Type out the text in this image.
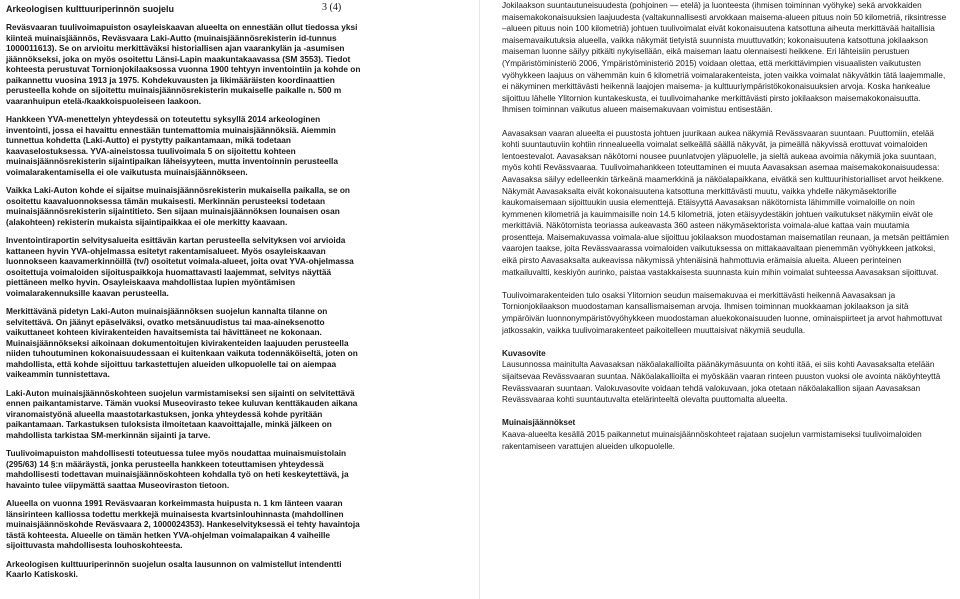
3 (4)
Arkeologisen kulttuuriperinnön suojelu

Reväsvaaran tuulivoimapuiston osayleiskaavan alueelta on ennestään ollut tiedossa yksi kiinteä muinaisjäännös, Reväsvaara Laki-Autto (muinaisjäännösrekisterin id-tunnus 1000011613). Se on arvioitu merkittäväksi historiallisen ajan vaarankylän ja -asumisen jäännökseksi, joka on myös osoitettu Länsi-Lapin maakuntakaavassa (SM 3553). Tiedot kohteesta perustuvat Tornionjokilaaksossa vuonna 1900 tehtyyn inventointiin ja kohde on paikannettu vuosina 1913 ja 1975. Kohdekuvausten ja likimääräisten koordinaattien perusteella kohde on sijoitettu muinaisjäännösrekisterin mukaiselle paikalle n. 500 m vaaranhuipun etelä-/kaakkoispuoleiseen laakoon.

Hankkeen YVA-menettelyn yhteydessä on toteutettu syksyllä 2014 arkeologinen inventointi, jossa ei havaittu ennestään tuntemattomia muinaisjäännöksiä. Aiemmin tunnettua kohdetta (Laki-Autto) ei pystytty paikantamaan, mikä todetaan kaavaselostuksessa. YVA-aineistossa tuulivoimala 5 on sijoitettu kohteen muinaisjäännösrekisterin sijaintipaikan läheisyyteen, mutta inventoinnin perusteella voimalarakentamisella ei ole vaikutusta muinaisjäännökseen.

Vaikka Laki-Auton kohde ei sijaitse muinaisjäännösrekisterin mukaisella paikalla, se on osoitettu kaavaluonnoksessa tämän mukaisesti. Merkinnän perusteeksi todetaan muinaisjäännösrekisterin sijaintitieto. Sen sijaan muinaisjäännöksen lounaisen osan (alakohteen) rekisterin mukaista sijaintipaikkaa ei ole merkitty kaavaan.

Inventointiraportin selvitysalueita esittävän kartan perusteella selvityksen voi arvioida kattaneen hyvin YVA-ohjelmassa esitetyt rakentamisalueet. Myös osayleiskaavan luonnokseen kaavamerkinnöillä (tv/) osoitetut voimala-alueet, joita ovat YVA-ohjelmassa osoitettuja voimaloiden sijoituspaikkoja huomattavasti laajemmat, selvitys näyttää piettäneen melko hyvin. Osayleiskaava mahdollistaa lupien myöntämisen voimalarakennuksille kaavan perusteella.

Merkittävänä pidetyn Laki-Auton muinaisjäännöksen suojelun kannalta tilanne on selvitettävä. On jäänyt epäselväksi, ovatko metsänuudistus tai maa-aineksenotto vaikuttaneet kohteen kivirakenteiden havaitsemista tai hävittäneet ne kokonaan. Muinaisjäännökseksi aikoinaan dokumentoitujen kivirakenteiden laajuuden perusteella niiden tuhoutuminen kokonaisuudessaan ei kuitenkaan vaikuta todennäköiseltä, joten on mahdollista, että kohde sijoittuu tarkastettujen alueiden ulkopuolelle tai on aiempaa vaikeammin tunnistettava.

Laki-Auton muinaisjäännöskohteen suojelun varmistamiseksi sen sijainti on selvitettävä ennen paikantamistarve. Tämän vuoksi Museovirasto tekee kuluvan kenttäkauden aikana viranomaistyönä alueella maastotarkastuksen, jonka yhteydessä kohde pyritään paikantamaan. Tarkastuksen tuloksista ilmoitetaan kaavoittajalle, minkä jälkeen on mahdollista tarkistaa SM-merkinnän sijainti ja tarve.

Tuulivoimapuiston mahdollisesti toteutuessa tulee myös noudattaa muinaismuistolain (295/63) 14 §:n määräystä, jonka perusteella hankkeen toteuttamisen yhteydessä mahdollisesti todettavan muinaisjäännöskohteen kohdalla työ on heti keskeytettävä, ja havainto tulee viipymättä saattaa Museoviraston tietoon.

Alueella on vuonna 1991 Reväsvaaran korkeimmasta huipusta n. 1 km länteen vaaran länsirinteen kalliossa todettu merkkejä muinaisesta kvartsinlouhinnasta (mahdollinen muinaisjäännöskohde Reväsvaara 2, 1000024353). Hankeselvityksessä ei tehty havaintoja tästä kohteesta. Alueelle on tämän hetken YVA-ohjelman voimalapaikan 4 vaiheille sijoittuvasta mahdollisesta louhoskohteesta.

Arkeologisen kulttuuriperinnön suojelun osalta lausunnon on valmistellut intendentti Kaarlo Katiskoski.

Jokilaakson suuntautuneisuudesta (pohjoinen — etelä) ja luonteesta (ihmisen toiminnan vyöhyke) sekä arvokkaiden maisemakokonaisuuksien laajuudesta (valtakunnallisesti arvokkaan maisema-alueen pituus noin 50 kilometriä, riksintresse –alueen pituus noin 100 kilometriä) johtuen tuulivoimalat eivät kokonaisuutena katsottuna aiheuta merkittävää haitallisia maisemavaikutuksia alueella, vaikka näkymät tietyistä suunnista muuttuvatkin; kokonaisuutena katsottuna jokilaakson maiseman luonne säilyy pitkälti nykyisellään, eikä maiseman laatu olennaisesti heikkene. Eri lähteisiin perustuen (Ympäristöministeriö 2006, Ympäristöministeriö 2015) voidaan olettaa, että merkittävimpien visuaalisten vaikutusten vyöhykkeen laajuus on vähemmän kuin 6 kilometriä voimalarakenteista, joten vaikka voimalat näkyvätkin tätä laajemmalle, ei näkyminen merkittävästi heikennä laajojen maisema- ja kulttuuriympäristökokonaisuuksien arvoja. Koska hankealue sijoittuu lähelle Ylitornion kuntakeskusta, ei tuulivoimahanke merkittävästi pirsto jokilaakson maisemakokonaisuutta. Ihmisen toiminnan vaikutus alueen maisemakuvaan voimistuu entisestään.

Aavasaksan vaaran alueelta ei puustosta johtuen juurikaan aukea näkymiä Revässvaaran suuntaan. Puuttomiin, etelää kohti suuntautuviin kohtiin rinnealueella voimalat selkeällä säällä näkyvät, ja pimeällä näkyvissä erottuvat voimaloiden lentoestevalot. Aavasaksan näkötorni nousee puunlatvojen yläpuolelle, ja sieltä aukeaa avoimia näkymiä joka suuntaan, myös kohti Revässvaaraa. Tuulivoimahankkeen toteuttaminen ei muuta Aavasaksan asemaa maisemakokonaisuudessa: Aavasaksa säilyy edelleenkin tärkeänä maamerkkinä ja näköalapaikkana, eivätkä sen kulttuurihistorialliset arvot heikkene. Näkymät Aavasaksalta eivät kokonaisuutena katsottuna merkittävästi muutu, vaikka yhdelle näkymäsektorille kaukomaisemaan sijoittuukin uusia elementtejä. Etäisyyttä Aavasaksan näkötornista lähimmille voimaloille on noin kymmenen kilometriä ja kauimmaisille noin 14.5 kilometriä, joten etäisyydestäkin johtuen vaikutukset näkymiin eivät ole merkittäviä. Näkötornista teoriassa aukeavasta 360 asteen näkymäsektorista voimala-alue kattaa vain muutamia prosentteja. Maisemakuvassa voimala-alue sijoittuu jokilaakson muodostaman maisematilan reunaan, ja metsän peittämien vaarojen taakse, joita Revässvaarassa voimaloiden vaikutuksessa on mittakaavaltaan pienemmän vyöhykkeen jatkoksi, eikä pirsto Aavasaksalta aukeavissa näkymissä yhtenäisinä hahmottuvia erämaisia alueita. Alueen perinteinen matkailuvaltti, keskiyön aurinko, paistaa vastakkaisesta suunnasta kuin mihin voimalat suhteessa Aavasaksan sijoittuvat.

Tuulivoimarakenteiden tulo osaksi Ylitornion seudun maisemakuvaa ei merkittävästi heikennä Aavasaksan ja Tornionjokilaakson muodostaman kansallismaiseman arvoja. Ihmisen toiminnan muokkaaman jokilaakson ja sitä ympäröivän luonnonympäristövyöhykkeen muodostaman aluekokonaisuuden luonne, ominaispiirteet ja arvot hahmottuvat jatkossakin, vaikka tuulivoimarakenteet paikoitelleen muuttaisivat näkymiä seudulla.

Kuvasovite

Lausunnossa mainitulta Aavasaksan näköalakallioilta päänäkymäsuunta on kohti itää, ei siis kohti Aavasaksalta etelään sijaitsevaa Revässvaaran suuntaa. Näköalakallioilta ei myöskään vaaran rinteen puuston vuoksi ole avointa näköyhteyttä Revässvaaran suuntaan. Valokuvasovite voidaan tehdä valokuvaan, joka otetaan näköalakallion sijaan Aavasaksan Revässvaaraa kohti suuntautuvalta etelärinteeltä olevalta puuttomalta alueelta.

Muinaisjäännökset

Kaava-alueelta kesällä 2015 paikannetut muinaisjäännöskohteet rajataan suojelun varmistamiseksi tuulivoimaloiden rakentamiseen varattujen alueiden ulkopuolelle.
